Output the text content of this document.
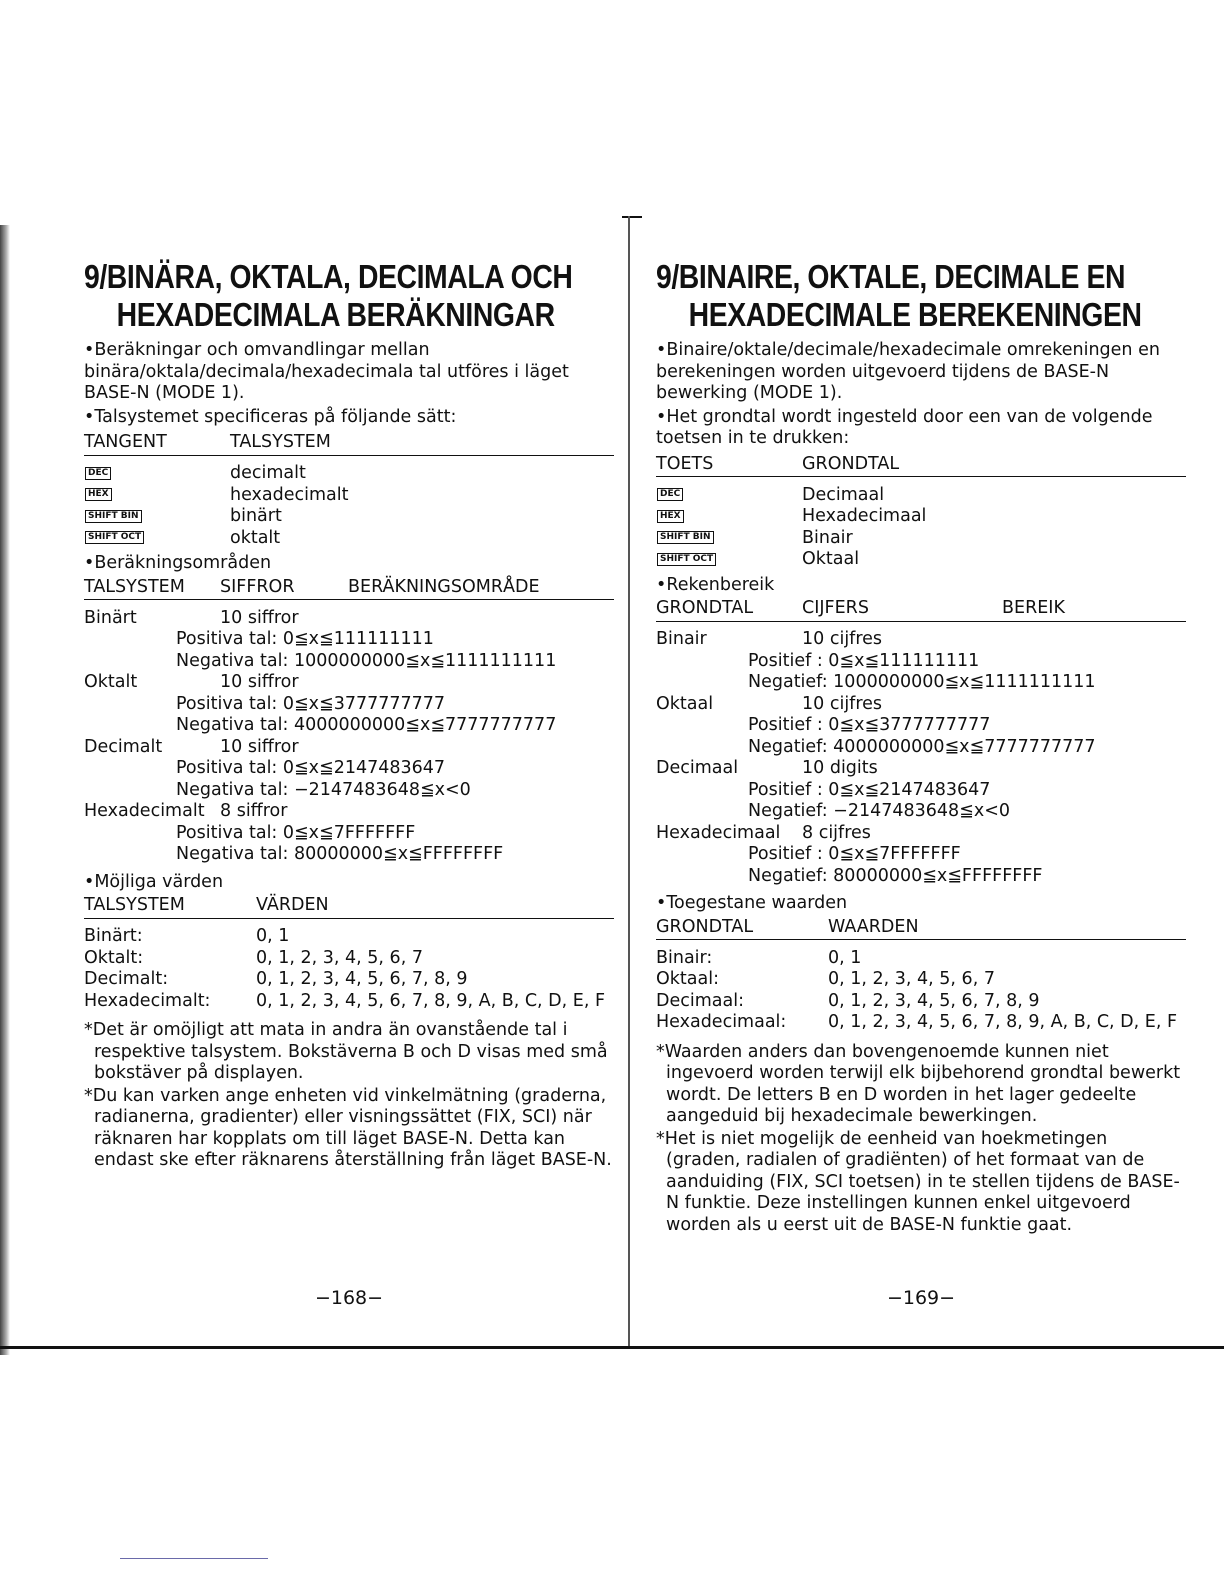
9/BINÄRA, OKTALA, DECIMALA OCH
HEXADECIMALA BERÄKNINGAR

•Beräkningar och omvandlingar mellan binära/oktala/decimala/hexadecimala tal utföres i läget BASE-N (MODE 1).

•Talsystemet specificeras på följande sätt:

TANGENT	TALSYSTEM

DEC	decimalt
HEX	hexadecimalt
SHIFT BIN	binärt
SHIFT OCT	oktalt
•Beräkningsområden
TALSYSTEM	SIFFROR	BERÄKNINGSOMRÅDE

Binärt	10 siffror	
Positiva tal: 0≦x≦111111111		
Negativa tal: 1000000000≦x≦1111111111		
Oktalt	10 siffror	
Positiva tal: 0≦x≦3777777777		
Negativa tal: 4000000000≦x≦7777777777		
Decimalt	10 siffror	
Positiva tal: 0≦x≦2147483647		
Negativa tal: −2147483648≦x<0		
Hexadecimalt	8 siffror	
Positiva tal: 0≦x≦7FFFFFFF		
Negativa tal: 80000000≦x≦FFFFFFFF		
•Möjliga värden
TALSYSTEM	VÄRDEN

Binärt:	0, 1
Oktalt:	0, 1, 2, 3, 4, 5, 6, 7
Decimalt:	0, 1, 2, 3, 4, 5, 6, 7, 8, 9
Hexadecimalt:	0, 1, 2, 3, 4, 5, 6, 7, 8, 9, A, B, C, D, E, F

*Det är omöjligt att mata in andra än ovanstående tal i respektive talsystem. Bokstäverna B och D visas med små bokstäver på displayen.

*Du kan varken ange enheten vid vinkelmätning (graderna, radianerna, gradienter) eller visningssättet (FIX, SCI) när räknaren har kopplats om till läget BASE-N. Detta kan endast ske efter räknarens återställning från läget BASE-N.

−168−
9/BINAIRE, OKTALE, DECIMALE EN
HEXADECIMALE BEREKENINGEN

•Binaire/oktale/decimale/hexadecimale omrekeningen en berekeningen worden uitgevoerd tijdens de BASE-N bewerking (MODE 1).

•Het grondtal wordt ingesteld door een van de volgende toetsen in te drukken:

TOETS	GRONDTAL

DEC	Decimaal
HEX	Hexadecimaal
SHIFT BIN	Binair
SHIFT OCT	Oktaal
•Rekenbereik
GRONDTAL	CIJFERS	BEREIK

Binair	10 cijfres	
Positief : 0≦x≦111111111		
Negatief: 1000000000≦x≦1111111111		
Oktaal	10 cijfres	
Positief : 0≦x≦3777777777		
Negatief: 4000000000≦x≦7777777777		
Decimaal	10 digits	
Positief : 0≦x≦2147483647		
Negatief: −2147483648≦x<0		
Hexadecimaal	8 cijfres	
Positief : 0≦x≦7FFFFFFF		
Negatief: 80000000≦x≦FFFFFFFF		
•Toegestane waarden
GRONDTAL	WAARDEN

Binair:	0, 1
Oktaal:	0, 1, 2, 3, 4, 5, 6, 7
Decimaal:	0, 1, 2, 3, 4, 5, 6, 7, 8, 9
Hexadecimaal:	0, 1, 2, 3, 4, 5, 6, 7, 8, 9, A, B, C, D, E, F

*Waarden anders dan bovengenoemde kunnen niet ingevoerd worden terwijl elk bijbehorend grondtal bewerkt wordt. De letters B en D worden in het lager gedeelte aangeduid bij hexadecimale bewerkingen.

*Het is niet mogelijk de eenheid van hoekmetingen (graden, radialen of gradiënten) of het formaat van de aanduiding (FIX, SCI toetsen) in te stellen tijdens de BASE-N funktie. Deze instellingen kunnen enkel uitgevoerd worden als u eerst uit de BASE-N funktie gaat.

−169−
